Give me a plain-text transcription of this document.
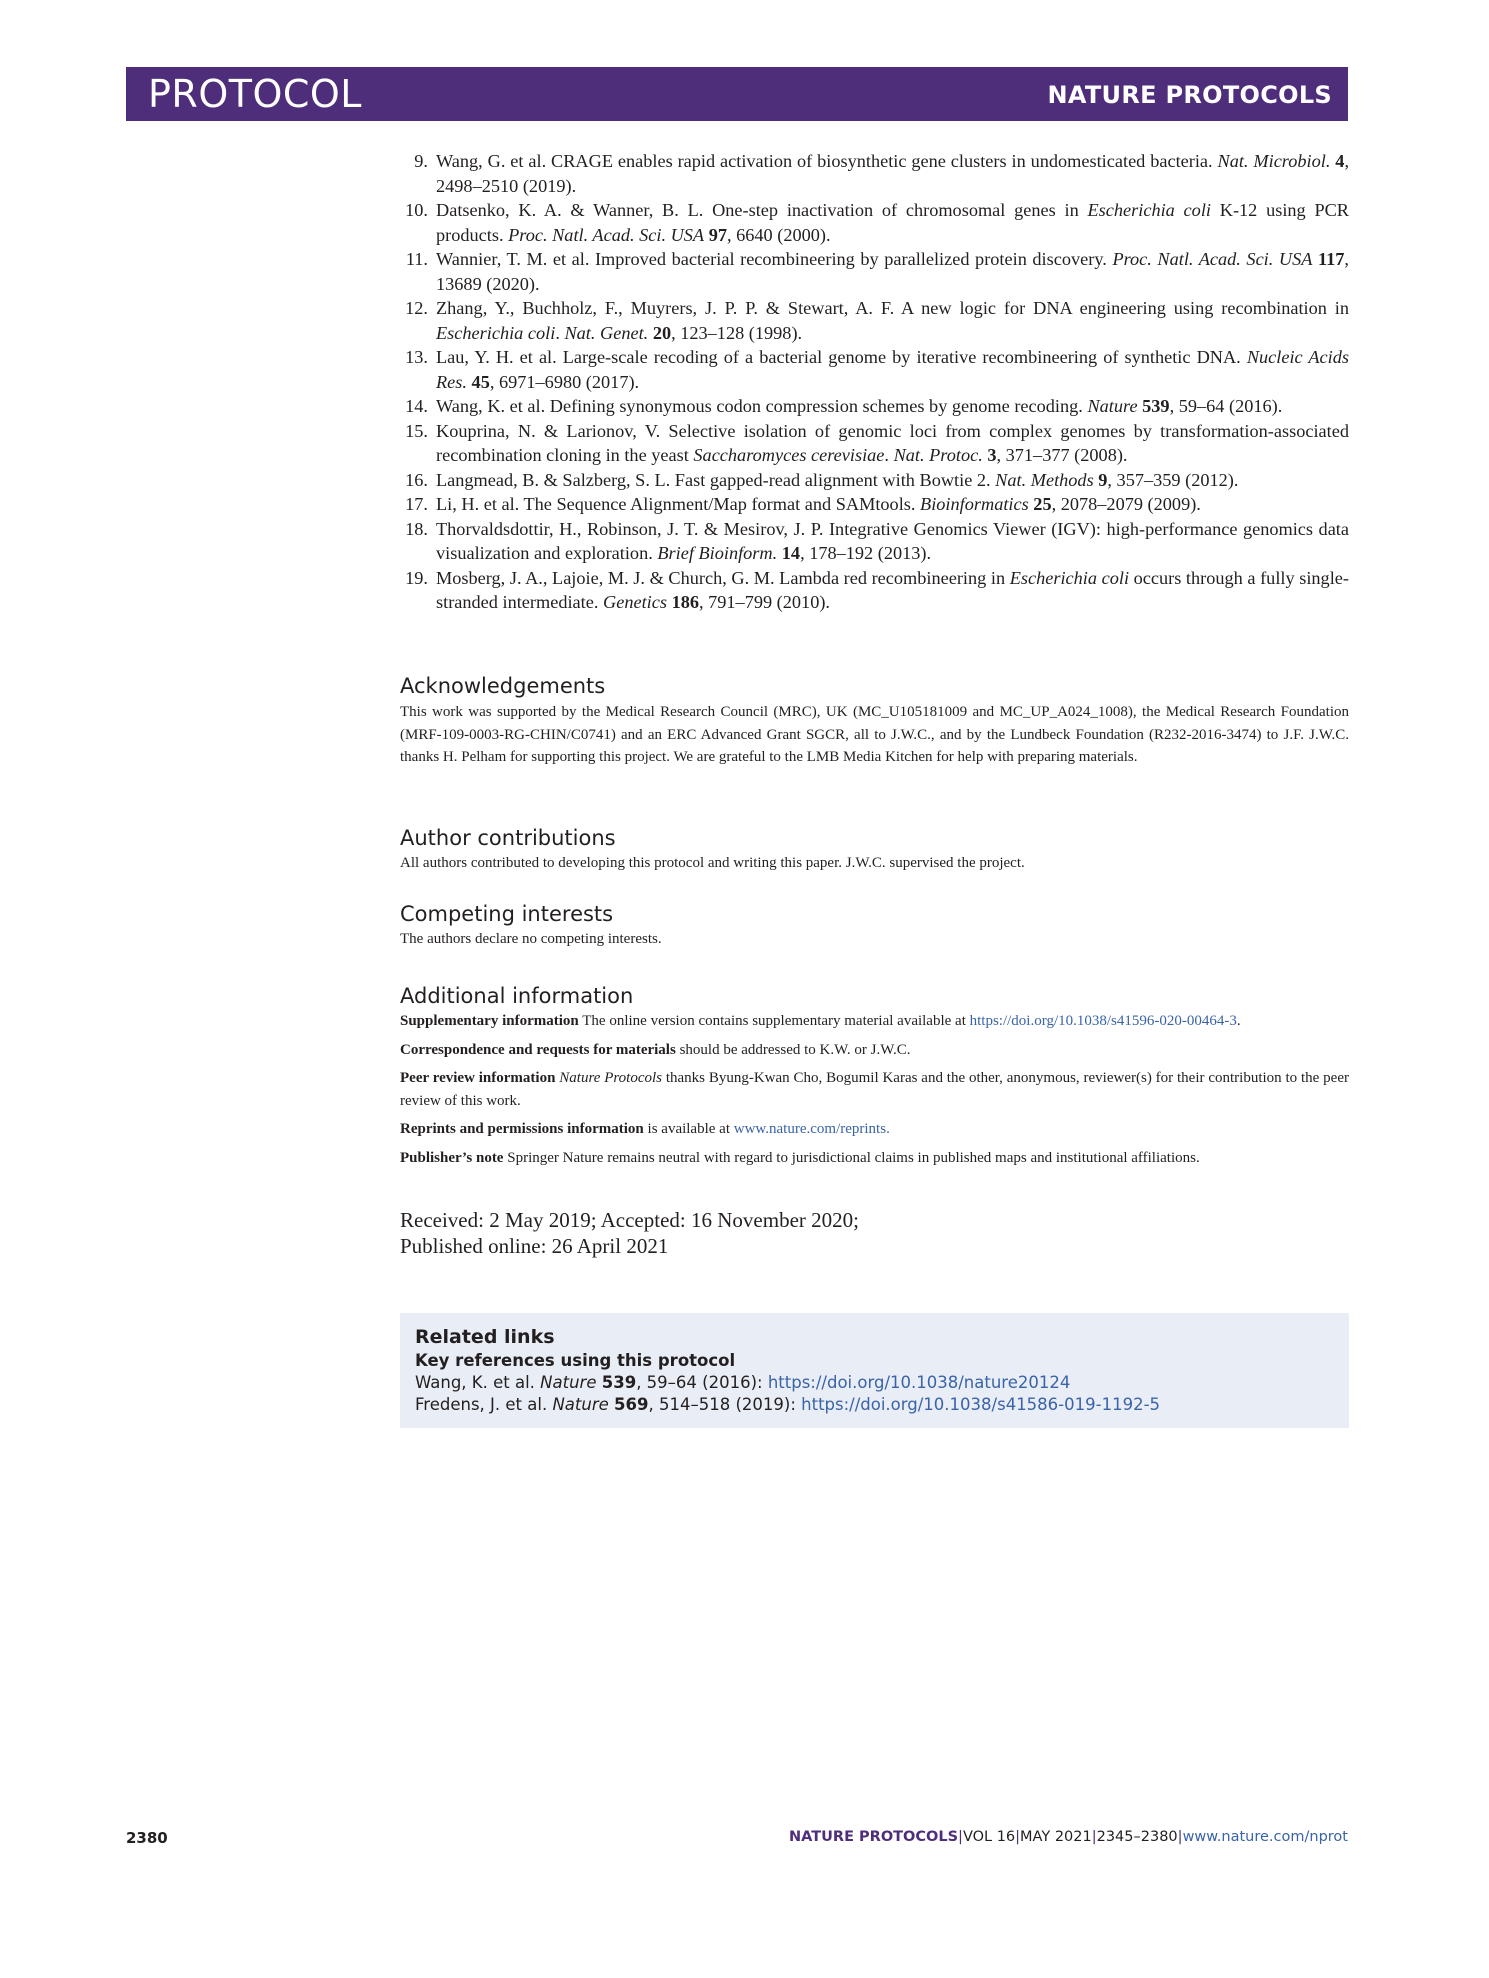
PROTOCOL	NATURE PROTOCOLS
9. Wang, G. et al. CRAGE enables rapid activation of biosynthetic gene clusters in undomesticated bacteria. Nat. Microbiol. 4, 2498–2510 (2019).
10. Datsenko, K. A. & Wanner, B. L. One-step inactivation of chromosomal genes in Escherichia coli K-12 using PCR products. Proc. Natl. Acad. Sci. USA 97, 6640 (2000).
11. Wannier, T. M. et al. Improved bacterial recombineering by parallelized protein discovery. Proc. Natl. Acad. Sci. USA 117, 13689 (2020).
12. Zhang, Y., Buchholz, F., Muyrers, J. P. P. & Stewart, A. F. A new logic for DNA engineering using recombination in Escherichia coli. Nat. Genet. 20, 123–128 (1998).
13. Lau, Y. H. et al. Large-scale recoding of a bacterial genome by iterative recombineering of synthetic DNA. Nucleic Acids Res. 45, 6971–6980 (2017).
14. Wang, K. et al. Defining synonymous codon compression schemes by genome recoding. Nature 539, 59–64 (2016).
15. Kouprina, N. & Larionov, V. Selective isolation of genomic loci from complex genomes by transformation-associated recombination cloning in the yeast Saccharomyces cerevisiae. Nat. Protoc. 3, 371–377 (2008).
16. Langmead, B. & Salzberg, S. L. Fast gapped-read alignment with Bowtie 2. Nat. Methods 9, 357–359 (2012).
17. Li, H. et al. The Sequence Alignment/Map format and SAMtools. Bioinformatics 25, 2078–2079 (2009).
18. Thorvaldsdottir, H., Robinson, J. T. & Mesirov, J. P. Integrative Genomics Viewer (IGV): high-performance genomics data visualization and exploration. Brief Bioinform. 14, 178–192 (2013).
19. Mosberg, J. A., Lajoie, M. J. & Church, G. M. Lambda red recombineering in Escherichia coli occurs through a fully single-stranded intermediate. Genetics 186, 791–799 (2010).
Acknowledgements
This work was supported by the Medical Research Council (MRC), UK (MC_U105181009 and MC_UP_A024_1008), the Medical Research Foundation (MRF-109-0003-RG-CHIN/C0741) and an ERC Advanced Grant SGCR, all to J.W.C., and by the Lundbeck Foundation (R232-2016-3474) to J.F. J.W.C. thanks H. Pelham for supporting this project. We are grateful to the LMB Media Kitchen for help with preparing materials.
Author contributions
All authors contributed to developing this protocol and writing this paper. J.W.C. supervised the project.
Competing interests
The authors declare no competing interests.
Additional information

Supplementary information The online version contains supplementary material available at https://doi.org/10.1038/s41596-020-00464-3.

Correspondence and requests for materials should be addressed to K.W. or J.W.C.

Peer review information Nature Protocols thanks Byung-Kwan Cho, Bogumil Karas and the other, anonymous, reviewer(s) for their contribution to the peer review of this work.

Reprints and permissions information is available at www.nature.com/reprints.

Publisher’s note Springer Nature remains neutral with regard to jurisdictional claims in published maps and institutional affiliations.

Received: 2 May 2019; Accepted: 16 November 2020;
Published online: 26 April 2021
Related links
Key references using this protocol
Wang, K. et al. Nature 539, 59–64 (2016): https://doi.org/10.1038/nature20124
Fredens, J. et al. Nature 569, 514–518 (2019): https://doi.org/10.1038/s41586-019-1192-5
2380	NATURE PROTOCOLS|VOL 16|MAY 2021|2345–2380|www.nature.com/nprot
